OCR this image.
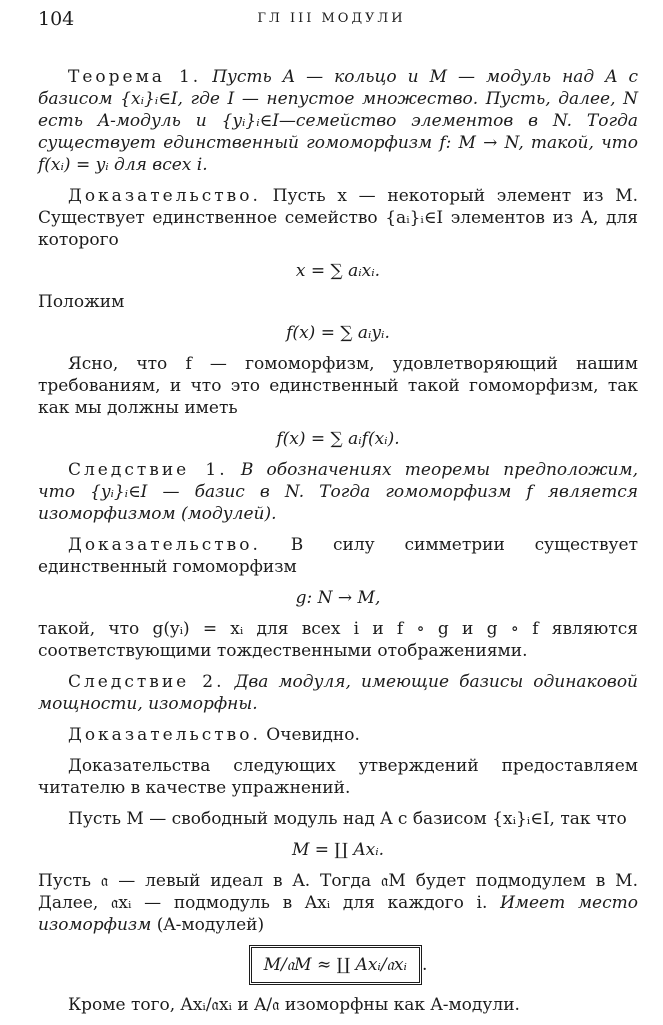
104	ГЛ III МОДУЛИ

Теорема 1. Пусть A — кольцо и M — модуль над A с базисом {xᵢ}ᵢ∈I, где I — непустое множество. Пусть, далее, N есть A-модуль и {yᵢ}ᵢ∈I—семейство элементов в N. Тогда существует единственный гомоморфизм f: M → N, такой, что f(xᵢ) = yᵢ для всех i.

Доказательство. Пусть x — некоторый элемент из M. Существует единственное семейство {aᵢ}ᵢ∈I элементов из A, для которого

x = ∑ aᵢxᵢ.

Положим

f(x) = ∑ aᵢyᵢ.

Ясно, что f — гомоморфизм, удовлетворяющий нашим требованиям, и что это единственный такой гомоморфизм, так как мы должны иметь

f(x) = ∑ aᵢf(xᵢ).

Следствие 1. В обозначениях теоремы предположим, что {yᵢ}ᵢ∈I — базис в N. Тогда гомоморфизм f является изоморфизмом (модулей).

Доказательство. В силу симметрии существует единственный гомоморфизм

g: N → M,

такой, что g(yᵢ) = xᵢ для всех i и f ∘ g и g ∘ f являются соответствующими тождественными отображениями.

Следствие 2. Два модуля, имеющие базисы одинаковой мощности, изоморфны.

Доказательство. Очевидно.

Доказательства следующих утверждений предоставляем читателю в качестве упражнений.

Пусть M — свободный модуль над A с базисом {xᵢ}ᵢ∈I, так что

M = ∐ Axᵢ.

Пусть 𝔞 — левый идеал в A. Тогда 𝔞M будет подмодулем в M. Далее, 𝔞xᵢ — подмодуль в Axᵢ для каждого i. Имеет место изоморфизм (A-модулей)

M/𝔞M ≈ ∐ Axᵢ/𝔞xᵢ .

Кроме того, Axᵢ/𝔞xᵢ и A/𝔞 изоморфны как A-модули.
